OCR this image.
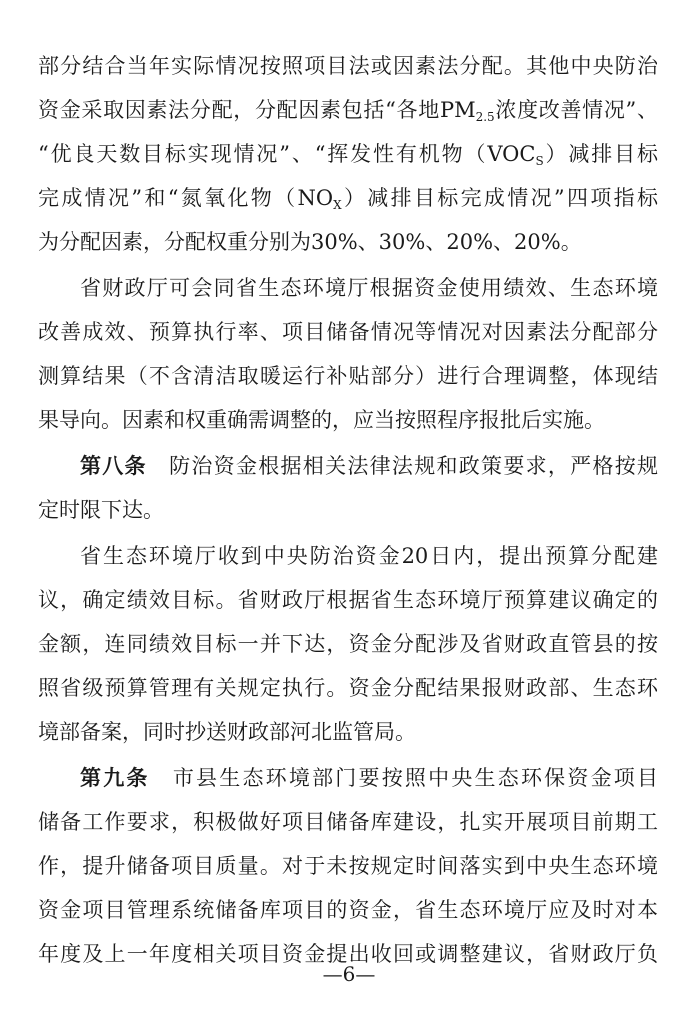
部分结合当年实际情况按照项目法或因素法分配。其他中央防治
资金采取因素法分配，分配因素包括“各地$PM_{2.5}$浓度改善情况”、
“优良天数目标实现情况”、“挥发性有机物$(VOC_S)$减排目标
完成情况”和“氮氧化物$(NO_X)$减排目标完成情况”四项指标
为分配因素，分配权重分别为30%、30%、20%、20%。
省财政厅可会同省生态环境厅根据资金使用绩效、生态环境
改善成效、预算执行率、项目储备情况等情况对因素法分配部分
测算结果（不含清洁取暖运行补贴部分）进行合理调整，体现结
果导向。因素和权重确需调整的，应当按照程序报批后实施。
第八条　 防治资金根据相关法律法规和政策要求，严格按规
定时限下达。
省生态环境厅收到中央防治资金20日内，提出预算分配建
议，确定绩效目标。省财政厅根据省生态环境厅预算建议确定的
金额，连同绩效目标一并下达，资金分配涉及省财政直管县的按
照省级预算管理有关规定执行。资金分配结果报财政部、生态环
境部备案，同时抄送财政部河北监管局。
第九条　 市县生态环境部门要按照中央生态环保资金项目
储备工作要求，积极做好项目储备库建设，扎实开展项目前期工
作，提升储备项目质量。对于未按规定时间落实到中央生态环境
资金项目管理系统储备库项目的资金，省生态环境厅应及时对本
年度及上一年度相关项目资金提出收回或调整建议，省财政厅负
—6—
